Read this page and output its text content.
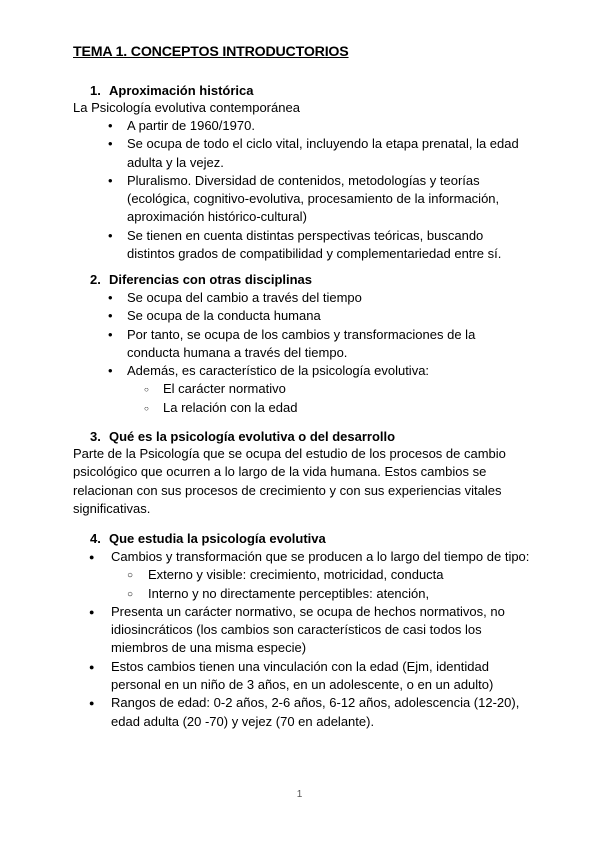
TEMA 1. CONCEPTOS INTRODUCTORIOS
1. Aproximación histórica
La Psicología evolutiva contemporánea
• A partir de 1960/1970.
• Se ocupa de todo el ciclo vital, incluyendo la etapa prenatal, la edad adulta y la vejez.
• Pluralismo. Diversidad de contenidos, metodologías y teorías (ecológica, cognitivo-evolutiva, procesamiento de la información, aproximación histórico-cultural)
• Se tienen en cuenta distintas perspectivas teóricas, buscando distintos grados de compatibilidad y complementariedad entre sí.
2. Diferencias con otras disciplinas
• Se ocupa del cambio a través del tiempo
• Se ocupa de la conducta humana
• Por tanto, se ocupa de los cambios y transformaciones de la conducta humana a través del tiempo.
• Además, es característico de la psicología evolutiva:
○ El carácter normativo
○ La relación con la edad
3. Qué es la psicología evolutiva o del desarrollo
Parte de la Psicología que se ocupa del estudio de los procesos de cambio psicológico que ocurren a lo largo de la vida humana. Estos cambios se relacionan con sus procesos de crecimiento y con sus experiencias vitales significativas.
4. Que estudia la psicología evolutiva
● Cambios y transformación que se producen a lo largo del tiempo de tipo:
○ Externo y visible: crecimiento, motricidad, conducta
○ Interno y no directamente perceptibles: atención,
● Presenta un carácter normativo, se ocupa de hechos normativos, no idiosincráticos (los cambios son característicos de casi todos los miembros de una misma especie)
● Estos cambios tienen una vinculación con la edad (Ejm, identidad personal en un niño de 3 años, en un adolescente, o en un adulto)
● Rangos de edad: 0-2 años, 2-6 años, 6-12 años, adolescencia (12-20), edad adulta (20 -70) y vejez (70 en adelante).
1
